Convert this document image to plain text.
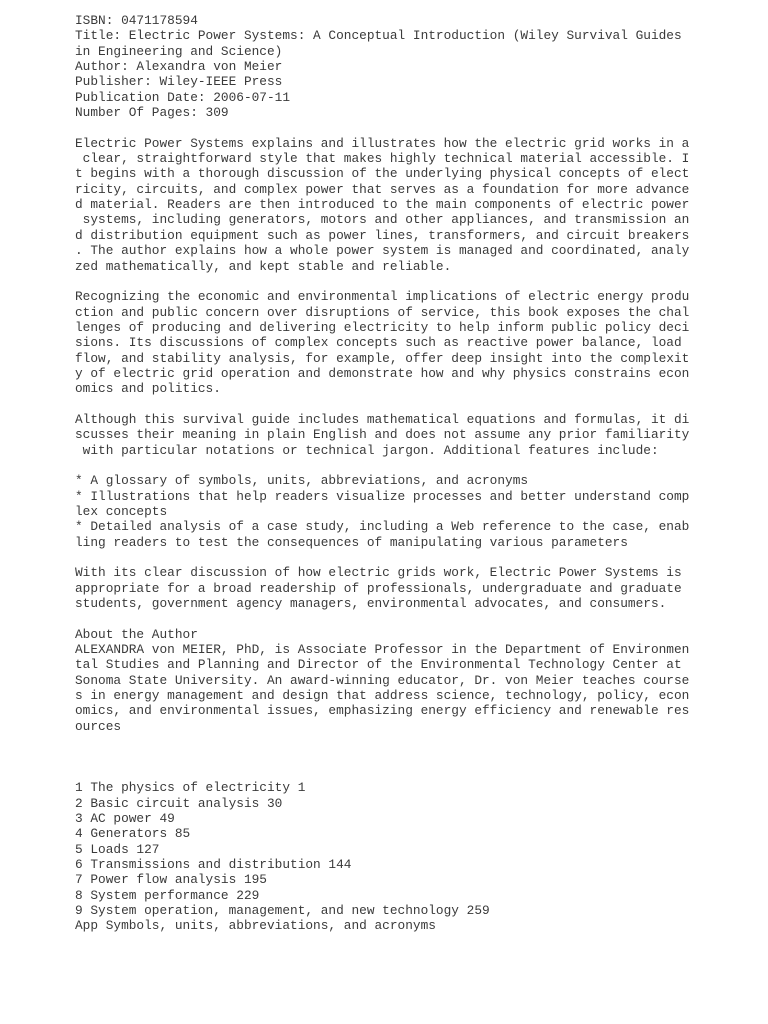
ISBN: 0471178594
Title: Electric Power Systems: A Conceptual Introduction (Wiley Survival Guides
in Engineering and Science)
Author: Alexandra von Meier
Publisher: Wiley-IEEE Press
Publication Date: 2006-07-11
Number Of Pages: 309
Electric Power Systems explains and illustrates how the electric grid works in a
clear, straightforward style that makes highly technical material accessible. I
t begins with a thorough discussion of the underlying physical concepts of elect
ricity, circuits, and complex power that serves as a foundation for more advance
d material. Readers are then introduced to the main components of electric power
systems, including generators, motors and other appliances, and transmission an
d distribution equipment such as power lines, transformers, and circuit breakers
. The author explains how a whole power system is managed and coordinated, analy
zed mathematically, and kept stable and reliable.
Recognizing the economic and environmental implications of electric energy produ
ction and public concern over disruptions of service, this book exposes the chal
lenges of producing and delivering electricity to help inform public policy deci
sions. Its discussions of complex concepts such as reactive power balance, load
flow, and stability analysis, for example, offer deep insight into the complexit
y of electric grid operation and demonstrate how and why physics constrains econ
omics and politics.
Although this survival guide includes mathematical equations and formulas, it di
scusses their meaning in plain English and does not assume any prior familiarity
with particular notations or technical jargon. Additional features include:
* A glossary of symbols, units, abbreviations, and acronyms
* Illustrations that help readers visualize processes and better understand comp
lex concepts
* Detailed analysis of a case study, including a Web reference to the case, enab
ling readers to test the consequences of manipulating various parameters
With its clear discussion of how electric grids work, Electric Power Systems is
appropriate for a broad readership of professionals, undergraduate and graduate
students, government agency managers, environmental advocates, and consumers.
About the Author
ALEXANDRA von MEIER, PhD, is Associate Professor in the Department of Environmen
tal Studies and Planning and Director of the Environmental Technology Center at
Sonoma State University. An award-winning educator, Dr. von Meier teaches course
s in energy management and design that address science, technology, policy, econ
omics, and environmental issues, emphasizing energy efficiency and renewable res
ources
1 The physics of electricity 1
2 Basic circuit analysis 30
3 AC power 49
4 Generators 85
5 Loads 127
6 Transmissions and distribution 144
7 Power flow analysis 195
8 System performance 229
9 System operation, management, and new technology 259
App Symbols, units, abbreviations, and acronyms
